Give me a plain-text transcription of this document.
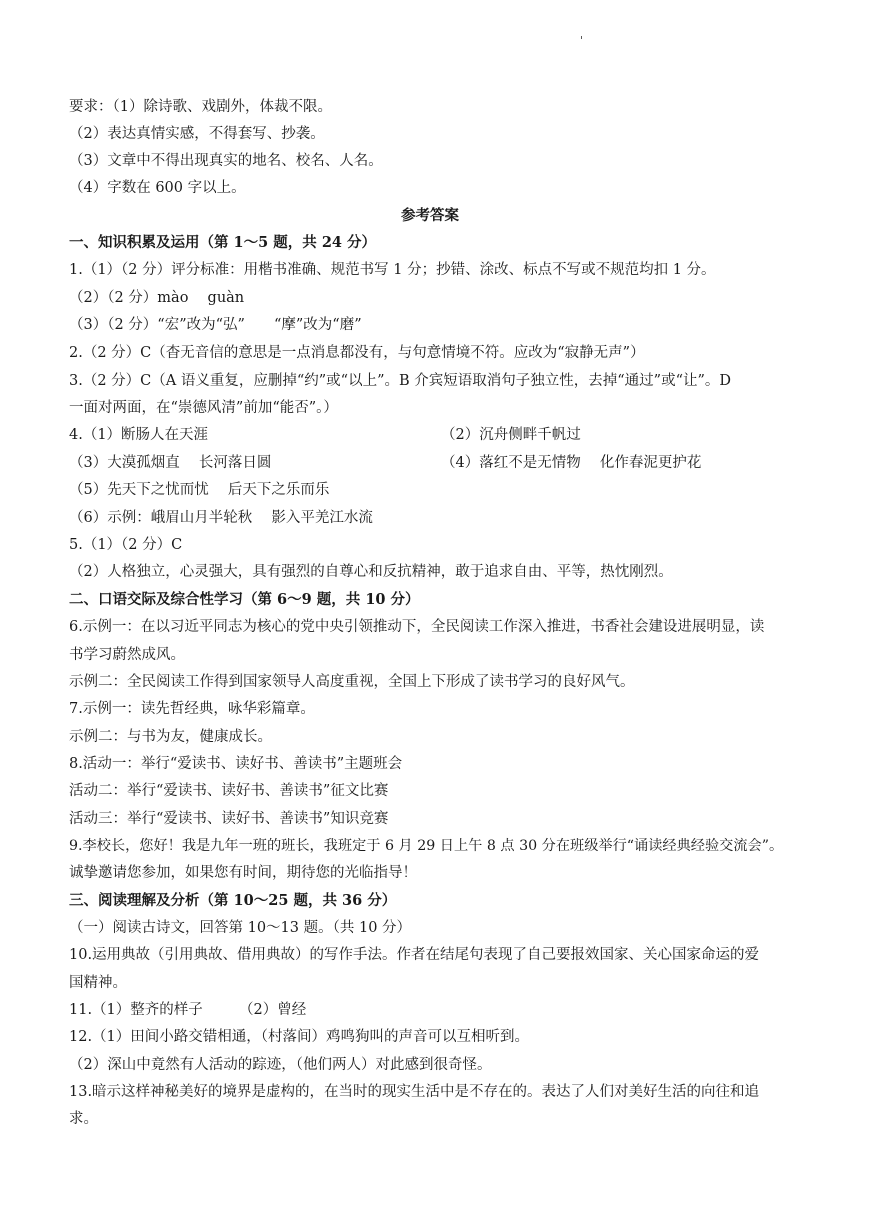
'
要求：（1）除诗歌、戏剧外，体裁不限。
（2）表达真情实感，不得套写、抄袭。
（3）文章中不得出现真实的地名、校名、人名。
（4）字数在 600 字以上。
参考答案
一、知识积累及运用（第 1～5 题，共 24 分）
1.（1）（2 分）评分标准：用楷书准确、规范书写 1 分；抄错、涂改、标点不写或不规范均扣 1 分。
（2）（2 分）mào　 guàn
（3）（2 分）“宏”改为“弘”　　“摩”改为“磨”
2.（2 分）C（杳无音信的意思是一点消息都没有，与句意情境不符。应改为“寂静无声”）
3.（2 分）C（A 语义重复，应删掉“约”或“以上”。B 介宾短语取消句子独立性，去掉“通过”或“让”。D
一面对两面，在“崇德风清”前加“能否”。）
4.（1）断肠人在天涯	（2）沉舟侧畔千帆过
（3）大漠孤烟直　 长河落日圆	（4）落红不是无情物　 化作春泥更护花
（5）先天下之忧而忧　 后天下之乐而乐
（6）示例：峨眉山月半轮秋　 影入平羌江水流
5.（1）（2 分）C
（2）人格独立，心灵强大，具有强烈的自尊心和反抗精神，敢于追求自由、平等，热忱刚烈。
二、口语交际及综合性学习（第 6～9 题，共 10 分）
6.示例一：在以习近平同志为核心的党中央引领推动下，全民阅读工作深入推进，书香社会建设进展明显，读
书学习蔚然成风。
示例二：全民阅读工作得到国家领导人高度重视，全国上下形成了读书学习的良好风气。
7.示例一：读先哲经典，咏华彩篇章。
示例二：与书为友，健康成长。
8.活动一：举行“爱读书、读好书、善读书”主题班会
活动二：举行“爱读书、读好书、善读书”征文比赛
活动三：举行“爱读书、读好书、善读书”知识竞赛
9.李校长，您好！我是九年一班的班长，我班定于 6 月 29 日上午 8 点 30 分在班级举行“诵读经典经验交流会”。
诚挚邀请您参加，如果您有时间，期待您的光临指导！
三、阅读理解及分析（第 10～25 题，共 36 分）
（一）阅读古诗文，回答第 10～13 题。（共 10 分）
10.运用典故（引用典故、借用典故）的写作手法。作者在结尾句表现了自己要报效国家、关心国家命运的爱
国精神。
11.（1）整齐的样子　　　（2）曾经
12.（1）田间小路交错相通，（村落间）鸡鸣狗叫的声音可以互相听到。
（2）深山中竟然有人活动的踪迹，（他们两人）对此感到很奇怪。
13.暗示这样神秘美好的境界是虚构的，在当时的现实生活中是不存在的。表达了人们对美好生活的向往和追
求。
